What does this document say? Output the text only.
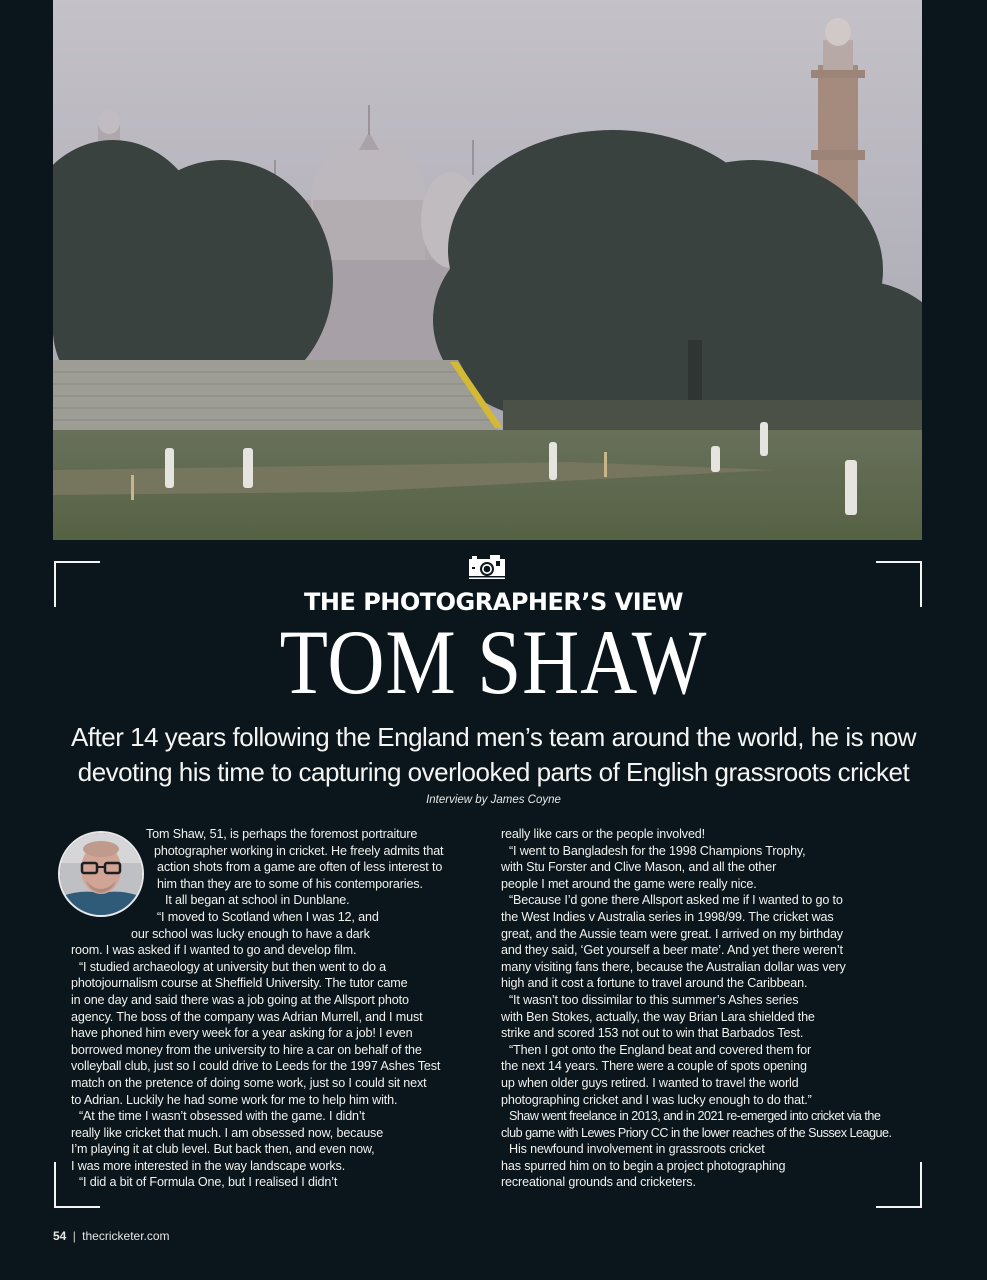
THE PHOTOGRAPHER’S VIEW
TOM SHAW
After 14 years following the England men’s team around the world, he is now
devoting his time to capturing overlooked parts of English grassroots cricket
Interview by James Coyne
Tom Shaw, 51, is perhaps the foremost portraiture
photographer working in cricket. He freely admits that
action shots from a game are often of less interest to
him than they are to some of his contemporaries.
It all began at school in Dunblane.
“I moved to Scotland when I was 12, and
our school was lucky enough to have a dark
room. I was asked if I wanted to go and develop film.
“I studied archaeology at university but then went to do a
photojournalism course at Sheffield University. The tutor came
in one day and said there was a job going at the Allsport photo
agency. The boss of the company was Adrian Murrell, and I must
have phoned him every week for a year asking for a job! I even
borrowed money from the university to hire a car on behalf of the
volleyball club, just so I could drive to Leeds for the 1997 Ashes Test
match on the pretence of doing some work, just so I could sit next
to Adrian. Luckily he had some work for me to help him with.
“At the time I wasn’t obsessed with the game. I didn’t
really like cricket that much. I am obsessed now, because
I’m playing it at club level. But back then, and even now,
I was more interested in the way landscape works.
“I did a bit of Formula One, but I realised I didn’t
really like cars or the people involved!
“I went to Bangladesh for the 1998 Champions Trophy,
with Stu Forster and Clive Mason, and all the other
people I met around the game were really nice.
“Because I’d gone there Allsport asked me if I wanted to go to
the West Indies v Australia series in 1998/99. The cricket was
great, and the Aussie team were great. I arrived on my birthday
and they said, ‘Get yourself a beer mate’. And yet there weren’t
many visiting fans there, because the Australian dollar was very
high and it cost a fortune to travel around the Caribbean.
“It wasn’t too dissimilar to this summer’s Ashes series
with Ben Stokes, actually, the way Brian Lara shielded the
strike and scored 153 not out to win that Barbados Test.
“Then I got onto the England beat and covered them for
the next 14 years. There were a couple of spots opening
up when older guys retired. I wanted to travel the world
photographing cricket and I was lucky enough to do that.”
Shaw went freelance in 2013, and in 2021 re-emerged into cricket via the
club game with Lewes Priory CC in the lower reaches of the Sussex League.
His newfound involvement in grassroots cricket
has spurred him on to begin a project photographing
recreational grounds and cricketers.
54 | thecricketer.com
